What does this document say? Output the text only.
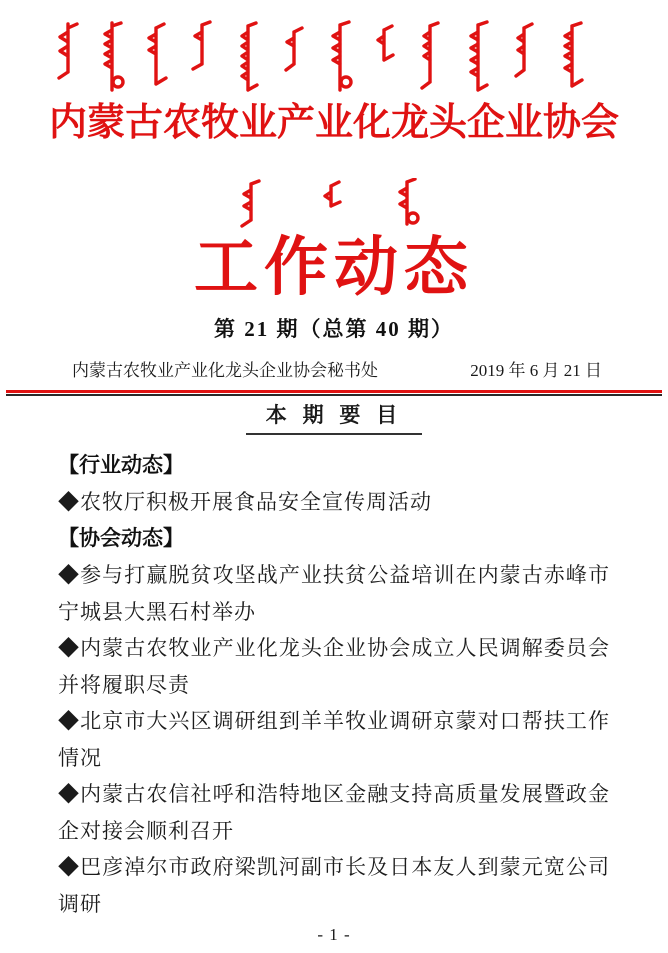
内蒙古农牧业产业化龙头企业协会
工作动态
第 21 期（总第 40 期）
内蒙古农牧业产业化龙头企业协会秘书处	2019 年 6 月 21 日
本 期 要 目

【行业动态】

◆农牧厅积极开展食品安全宣传周活动

【协会动态】

◆参与打赢脱贫攻坚战产业扶贫公益培训在内蒙古赤峰市宁城县大黑石村举办

◆内蒙古农牧业产业化龙头企业协会成立人民调解委员会并将履职尽责

◆北京市大兴区调研组到羊羊牧业调研京蒙对口帮扶工作情况

◆内蒙古农信社呼和浩特地区金融支持高质量发展暨政金企对接会顺利召开

◆巴彦淖尔市政府梁凯河副市长及日本友人到蒙元宽公司调研

- 1 -
